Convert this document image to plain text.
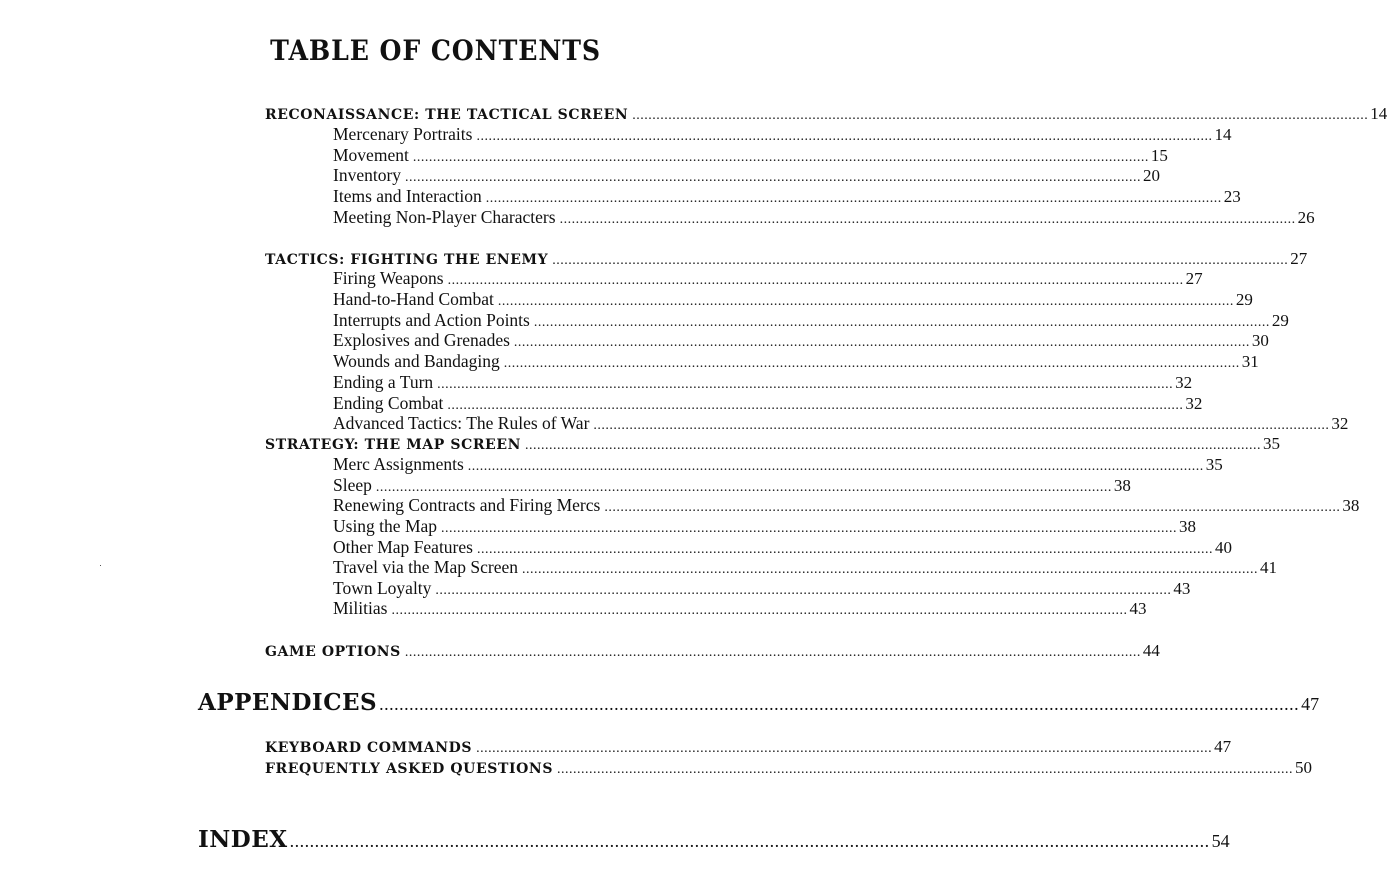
TABLE OF CONTENTS
RECONAISSANCE: THE TACTICAL SCREEN ........................................................................................................................................................................................ 14
Mercenary Portraits ........................................................................................................................................................................................ 14
Movement ........................................................................................................................................................................................ 15
Inventory ........................................................................................................................................................................................ 20
Items and Interaction ........................................................................................................................................................................................ 23
Meeting Non-Player Characters ........................................................................................................................................................................................ 26
TACTICS: FIGHTING THE ENEMY ........................................................................................................................................................................................ 27
Firing Weapons ........................................................................................................................................................................................ 27
Hand-to-Hand Combat ........................................................................................................................................................................................ 29
Interrupts and Action Points ........................................................................................................................................................................................ 29
Explosives and Grenades ........................................................................................................................................................................................ 30
Wounds and Bandaging ........................................................................................................................................................................................ 31
Ending a Turn ........................................................................................................................................................................................ 32
Ending Combat ........................................................................................................................................................................................ 32
Advanced Tactics: The Rules of War ........................................................................................................................................................................................ 32
STRATEGY: THE MAP SCREEN ........................................................................................................................................................................................ 35
Merc Assignments ........................................................................................................................................................................................ 35
Sleep ........................................................................................................................................................................................ 38
Renewing Contracts and Firing Mercs ........................................................................................................................................................................................ 38
Using the Map ........................................................................................................................................................................................ 38
Other Map Features ........................................................................................................................................................................................ 40
Travel via the Map Screen ........................................................................................................................................................................................ 41
Town Loyalty ........................................................................................................................................................................................ 43
Militias ........................................................................................................................................................................................ 43
GAME OPTIONS ........................................................................................................................................................................................ 44
APPENDICES ........................................................................................................................................................................................ 47
KEYBOARD COMMANDS ........................................................................................................................................................................................ 47
FREQUENTLY ASKED QUESTIONS ........................................................................................................................................................................................ 50
INDEX ........................................................................................................................................................................................ 54
